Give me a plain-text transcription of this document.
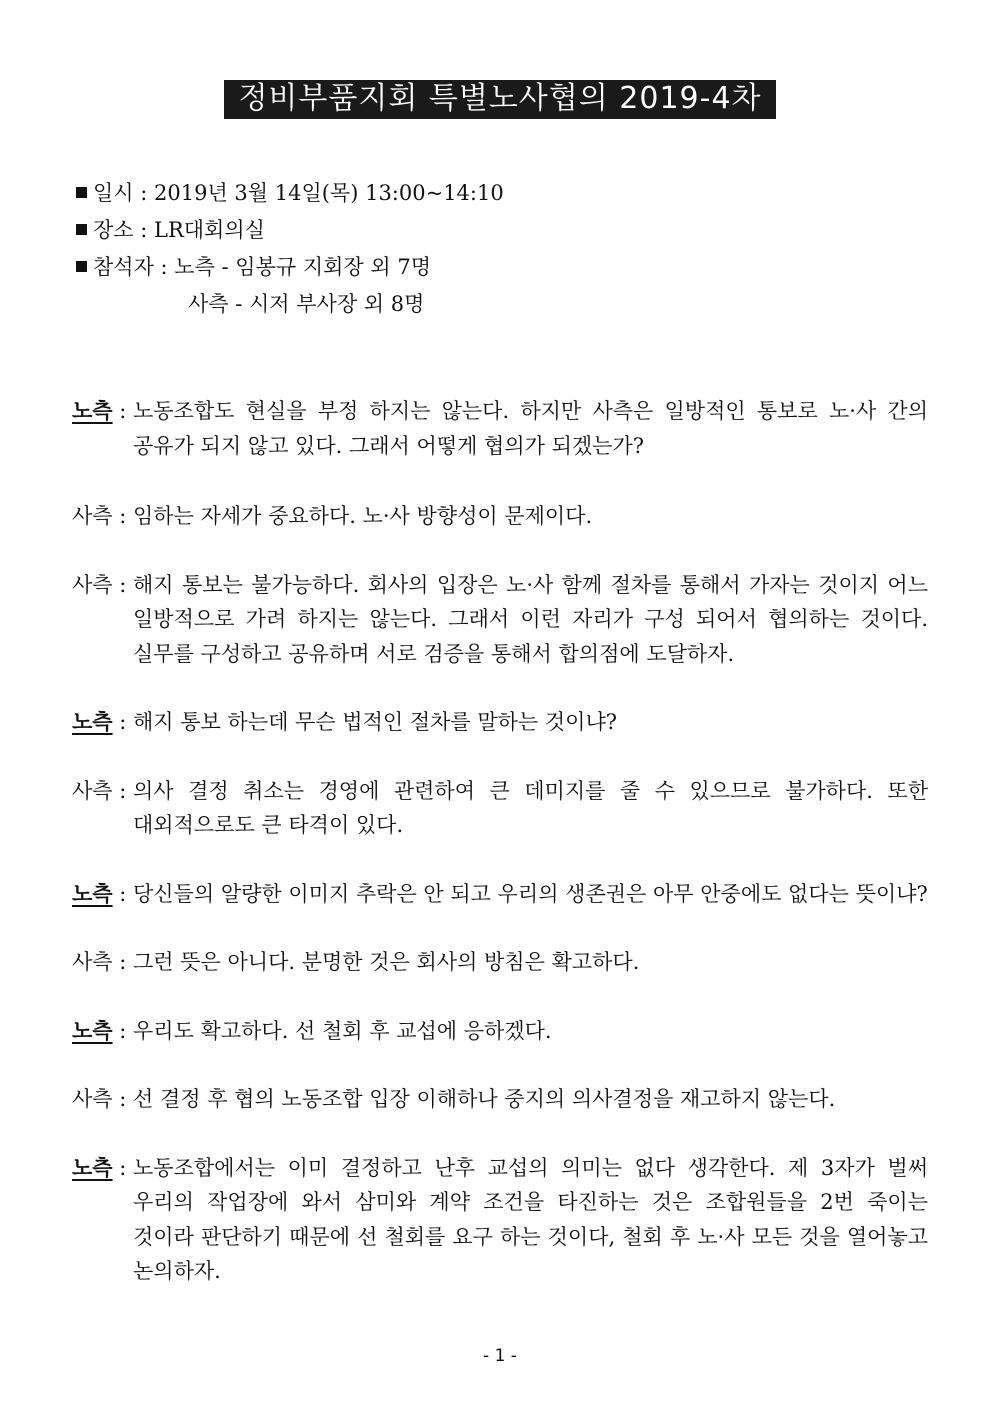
정비부품지회 특별노사협의 2019-4차
일시 : 2019년 3월 14일(목) 13:00~14:10
장소 : LR대회의실
참석자 : 노측 - 임봉규 지회장 외 7명
사측 - 시저 부사장 외 8명
노측 : 노동조합도 현실을 부정 하지는 않는다. 하지만 사측은 일방적인 통보로 노·사 간의 공유가 되지 않고 있다. 그래서 어떻게 협의가 되겠는가?
사측 : 임하는 자세가 중요하다. 노·사 방향성이 문제이다.
사측 : 해지 통보는 불가능하다. 회사의 입장은 노·사 함께 절차를 통해서 가자는 것이지 어느 일방적으로 가려 하지는 않는다. 그래서 이런 자리가 구성 되어서 협의하는 것이다. 실무를 구성하고 공유하며 서로 검증을 통해서 합의점에 도달하자.
노측 : 해지 통보 하는데 무슨 법적인 절차를 말하는 것이냐?
사측 : 의사 결정 취소는 경영에 관련하여 큰 데미지를 줄 수 있으므로 불가하다. 또한 대외적으로도 큰 타격이 있다.
노측 : 당신들의 알량한 이미지 추락은 안 되고 우리의 생존권은 아무 안중에도 없다는 뜻이냐?
사측 : 그런 뜻은 아니다. 분명한 것은 회사의 방침은 확고하다.
노측 : 우리도 확고하다. 선 철회 후 교섭에 응하겠다.
사측 : 선 결정 후 협의 노동조합 입장 이해하나 중지의 의사결정을 재고하지 않는다.
노측 : 노동조합에서는 이미 결정하고 난후 교섭의 의미는 없다 생각한다. 제 3자가 벌써 우리의 작업장에 와서 삼미와 계약 조건을 타진하는 것은 조합원들을 2번 죽이는 것이라 판단하기 때문에 선 철회를 요구 하는 것이다, 철회 후 노·사 모든 것을 열어놓고 논의하자.
- 1 -
